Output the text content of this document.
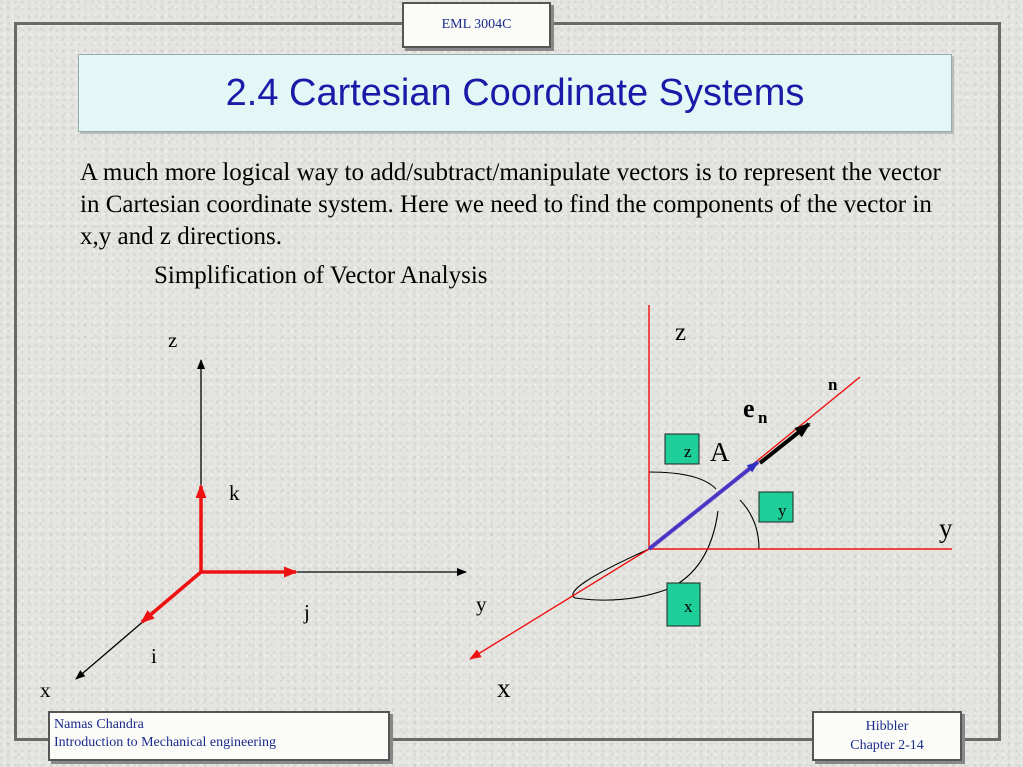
EML 3004C
2.4 Cartesian Coordinate Systems

A much more logical way to add/subtract/manipulate vectors is to represent the vector in Cartesian coordinate system. Here we need to find the components of the vector in x,y and z directions.

Simplification of Vector Analysis

z
y
x
k
j
i
z
y
x
z
y
x
n
e n
A
Namas Chandra
Introduction to Mechanical engineering
Hibbler
Chapter 2-14
